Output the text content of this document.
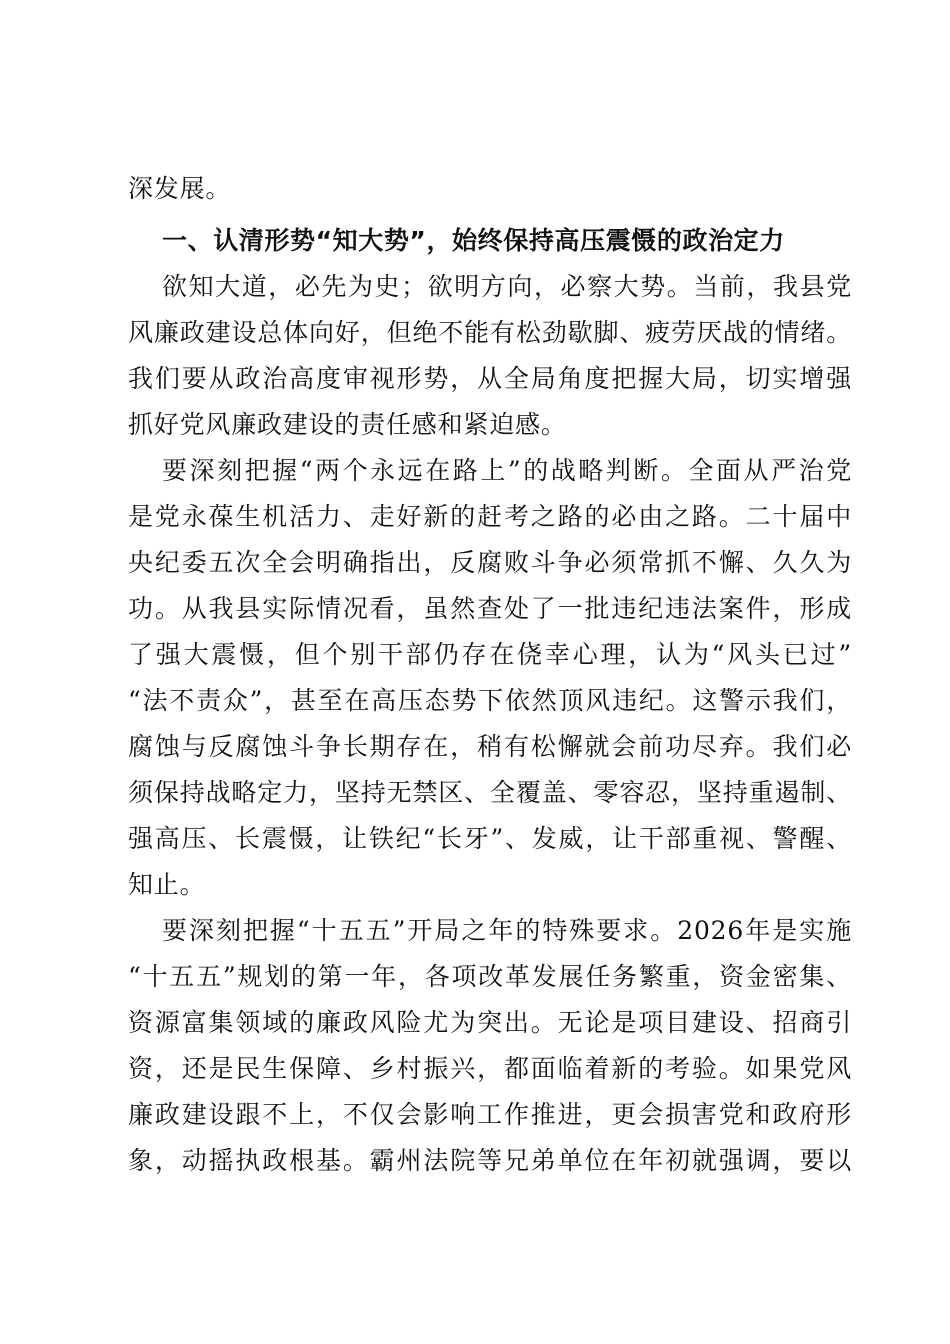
深发展。
一、认清形势“知大势”，始终保持高压震慑的政治定力
欲知大道，必先为史；欲明方向，必察大势。当前，我县党
风廉政建设总体向好，但绝不能有松劲歇脚、疲劳厌战的情绪。
我们要从政治高度审视形势，从全局角度把握大局，切实增强
抓好党风廉政建设的责任感和紧迫感。
要深刻把握“两个永远在路上”的战略判断。全面从严治党
是党永葆生机活力、走好新的赶考之路的必由之路。二十届中
央纪委五次全会明确指出，反腐败斗争必须常抓不懈、久久为
功。从我县实际情况看，虽然查处了一批违纪违法案件，形成
了强大震慑，但个别干部仍存在侥幸心理，认为“风头已过”
“法不责众”，甚至在高压态势下依然顶风违纪。这警示我们，
腐蚀与反腐蚀斗争长期存在，稍有松懈就会前功尽弃。我们必
须保持战略定力，坚持无禁区、全覆盖、零容忍，坚持重遏制、
强高压、长震慑，让铁纪“长牙”、发威，让干部重视、警醒、
知止。
要深刻把握“十五五”开局之年的特殊要求。2026年是实施
“十五五”规划的第一年，各项改革发展任务繁重，资金密集、
资源富集领域的廉政风险尤为突出。无论是项目建设、招商引
资，还是民生保障、乡村振兴，都面临着新的考验。如果党风
廉政建设跟不上，不仅会影响工作推进，更会损害党和政府形
象，动摇执政根基。霸州法院等兄弟单位在年初就强调，要以
